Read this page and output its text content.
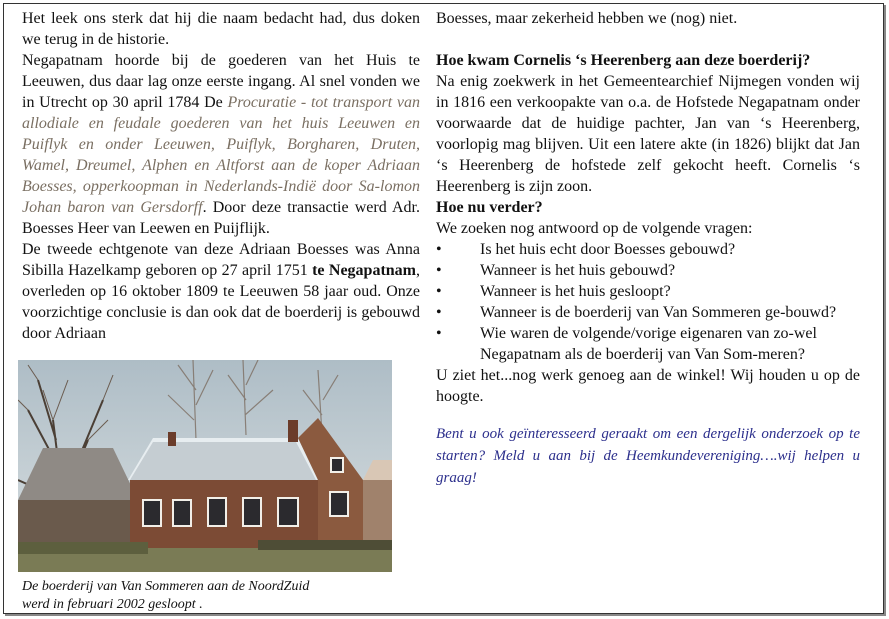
Het leek ons sterk dat hij die naam bedacht had, dus doken we terug in de historie.

Negapatnam hoorde bij de goederen van het Huis te Leeuwen, dus daar lag onze eerste ingang. Al snel vonden we in Utrecht op 30 april 1784 De Procuratie - tot transport van allodiale en feudale goederen van het huis Leeuwen en Puiflyk en onder Leeuwen, Puiflyk, Borgharen, Druten, Wamel, Dreumel, Alphen en Altforst aan de koper Adriaan Boesses, opperkoopman in Nederlands-Indië door Sa-lomon Johan baron van Gersdorff. Door deze transactie werd Adr. Boesses Heer van Leewen en Puijflijk.

De tweede echtgenote van deze Adriaan Boesses was Anna Sibilla Hazelkamp geboren op 27 april 1751 te Negapatnam, overleden op 16 oktober 1809 te Leeuwen 58 jaar oud. Onze voorzichtige conclusie is dan ook dat de boerderij is gebouwd door Adriaan

De boerderij van Van Sommeren aan de NoordZuid
werd in februari 2002 gesloopt .

Boesses, maar zekerheid hebben we (nog) niet.

Hoe kwam Cornelis ‘s Heerenberg aan deze boerderij?

Na enig zoekwerk in het Gemeentearchief Nijmegen vonden wij in 1816 een verkoopakte van o.a. de Hofstede Negapatnam onder voorwaarde dat de huidige pachter, Jan van ‘s Heerenberg, voorlopig mag blijven. Uit een latere akte (in 1826) blijkt dat Jan ‘s Heerenberg de hofstede zelf gekocht heeft. Cornelis ‘s Heerenberg is zijn zoon.

Hoe nu verder?

We zoeken nog antwoord op de volgende vragen:

• Is het huis echt door Boesses gebouwd?
• Wanneer is het huis gebouwd?
• Wanneer is het huis gesloopt?
• Wanneer is de boerderij van Van Sommeren ge-bouwd?
• Wie waren de volgende/vorige eigenaren van zo-wel Negapatnam als de boerderij van Van Som-meren?

U ziet het...nog werk genoeg aan de winkel! Wij houden u op de hoogte.

Bent u ook geïnteresseerd geraakt om een dergelijk onderzoek op te starten? Meld u aan bij de Heemkundevereniging….wij helpen u graag!
